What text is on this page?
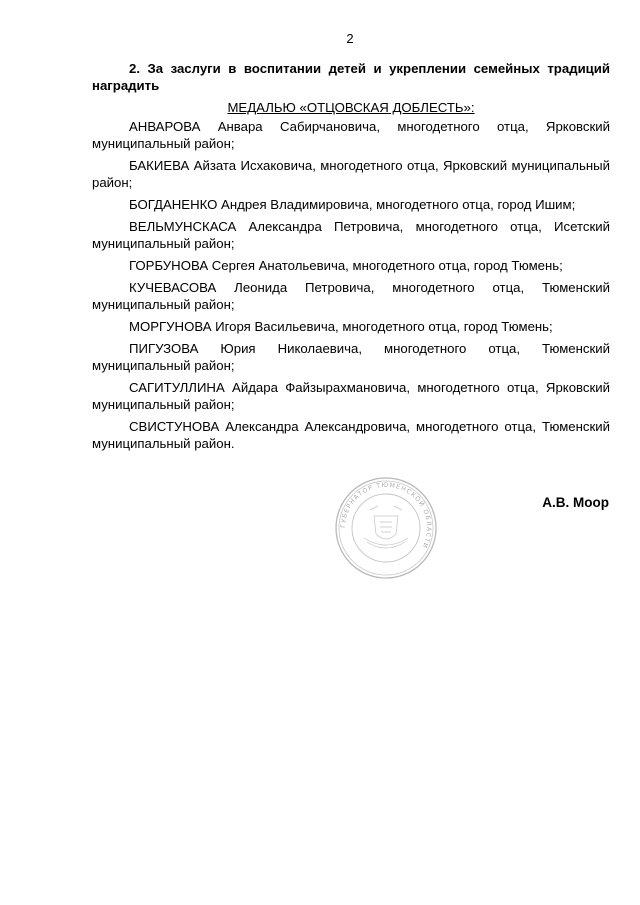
2

2. За заслуги в воспитании детей и укреплении семейных традиций наградить

МЕДАЛЬЮ «ОТЦОВСКАЯ ДОБЛЕСТЬ»:
АНВАРОВА Анвара Сабирчановича, многодетного отца, Ярковский муниципальный район;
БАКИЕВА Айзата Исхаковича, многодетного отца, Ярковский муниципальный район;
БОГДАНЕНКО Андрея Владимировича, многодетного отца, город Ишим;
ВЕЛЬМУНСКАСА Александра Петровича, многодетного отца, Исетский муниципальный район;
ГОРБУНОВА Сергея Анатольевича, многодетного отца, город Тюмень;
КУЧЕВАСОВА Леонида Петровича, многодетного отца, Тюменский муниципальный район;
МОРГУНОВА Игоря Васильевича, многодетного отца, город Тюмень;
ПИГУЗОВА Юрия Николаевича, многодетного отца, Тюменский муниципальный район;
САГИТУЛЛИНА Айдара Файзырахмановича, многодетного отца, Ярковский муниципальный район;
СВИСТУНОВА Александра Александровича, многодетного отца, Тюменский муниципальный район.
ГУБЕРНАТОР ТЮМЕНСКОЙ ОБЛАСТИ
А.В. Моор
